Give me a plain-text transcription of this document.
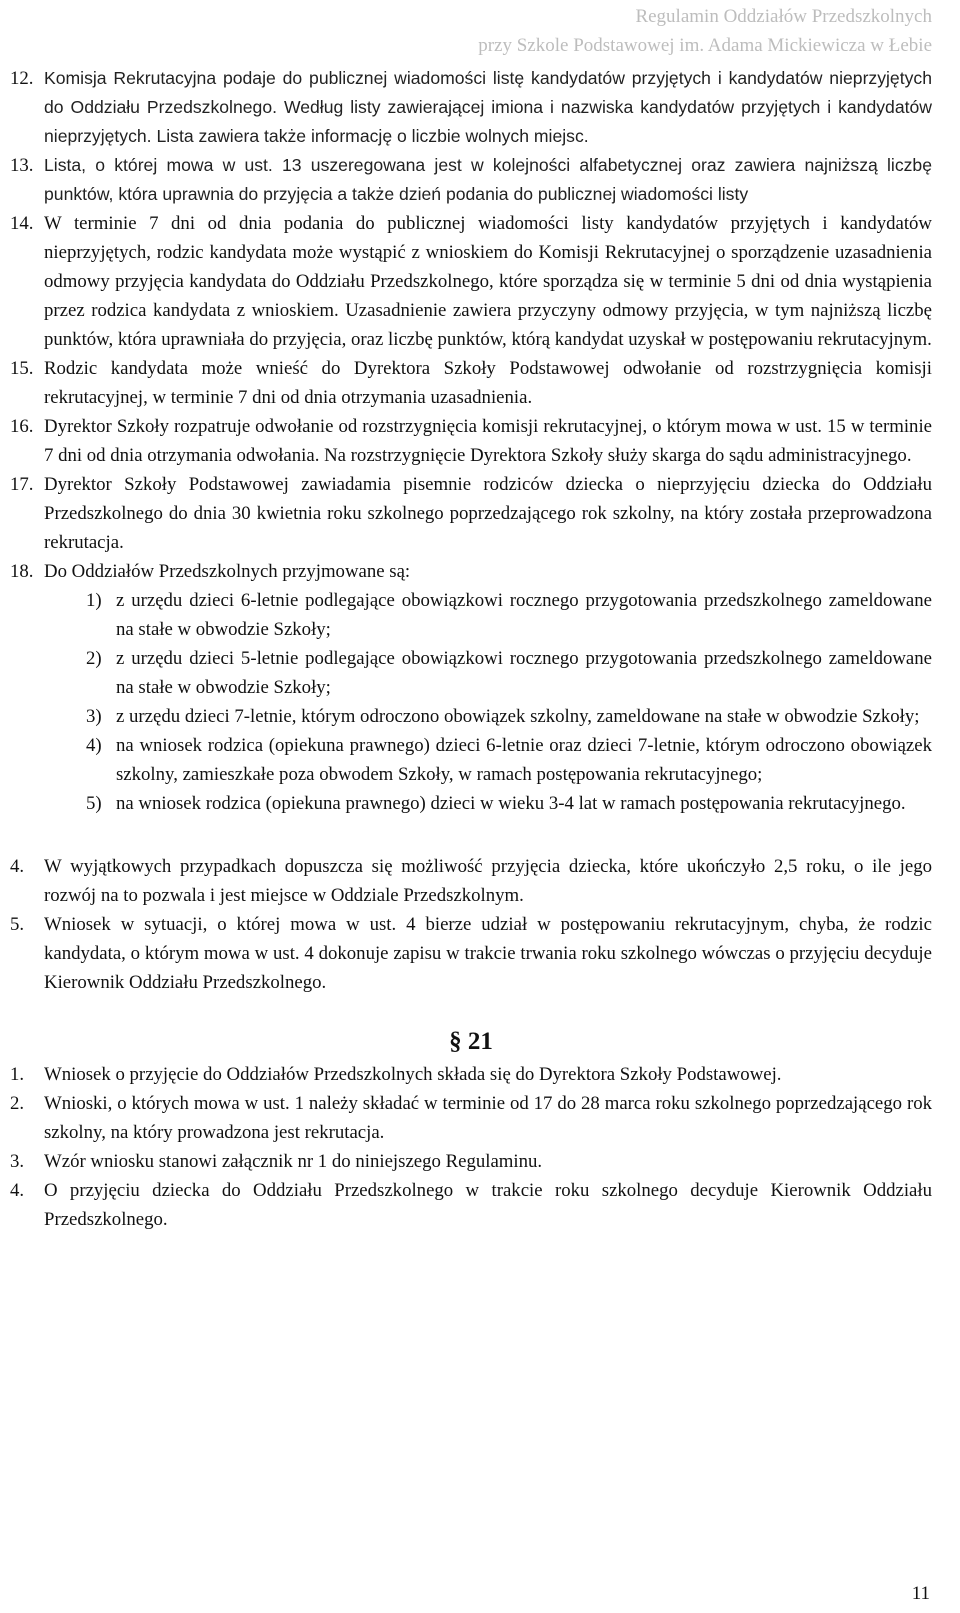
Regulamin Oddziałów Przedszkolnych
przy Szkole Podstawowej im. Adama Mickiewicza w Łebie
12. Komisja Rekrutacyjna podaje do publicznej wiadomości listę kandydatów przyjętych i kandydatów nieprzyjętych do Oddziału Przedszkolnego. Według listy zawierającej imiona i nazwiska kandydatów przyjętych i kandydatów nieprzyjętych. Lista zawiera także informację o liczbie wolnych miejsc.
13. Lista, o której mowa w ust. 13 uszeregowana jest w kolejności alfabetycznej oraz zawiera najniższą liczbę punktów, która uprawnia do przyjęcia a także dzień podania do publicznej wiadomości listy
14. W terminie 7 dni od dnia podania do publicznej wiadomości listy kandydatów przyjętych i kandydatów nieprzyjętych, rodzic kandydata może wystąpić z wnioskiem do Komisji Rekrutacyjnej o sporządzenie uzasadnienia odmowy przyjęcia kandydata do Oddziału Przedszkolnego, które sporządza się w terminie 5 dni od dnia wystąpienia przez rodzica kandydata z wnioskiem. Uzasadnienie zawiera przyczyny odmowy przyjęcia, w tym najniższą liczbę punktów, która uprawniała do przyjęcia, oraz liczbę punktów, którą kandydat uzyskał w postępowaniu rekrutacyjnym.
15. Rodzic kandydata może wnieść do Dyrektora Szkoły Podstawowej odwołanie od rozstrzygnięcia komisji rekrutacyjnej, w terminie 7 dni od dnia otrzymania uzasadnienia.
16. Dyrektor Szkoły rozpatruje odwołanie od rozstrzygnięcia komisji rekrutacyjnej, o którym mowa w ust. 15 w terminie 7 dni od dnia otrzymania odwołania. Na rozstrzygnięcie Dyrektora Szkoły służy skarga do sądu administracyjnego.
17. Dyrektor Szkoły Podstawowej zawiadamia pisemnie rodziców dziecka o nieprzyjęciu dziecka do Oddziału Przedszkolnego do dnia 30 kwietnia roku szkolnego poprzedzającego rok szkolny, na który została przeprowadzona rekrutacja.
18. Do Oddziałów Przedszkolnych przyjmowane są:
1) z urzędu dzieci 6-letnie podlegające obowiązkowi rocznego przygotowania przedszkolnego zameldowane na stałe w obwodzie Szkoły;
2) z urzędu dzieci 5-letnie podlegające obowiązkowi rocznego przygotowania przedszkolnego zameldowane na stałe w obwodzie Szkoły;
3) z urzędu dzieci 7-letnie, którym odroczono obowiązek szkolny, zameldowane na stałe w obwodzie Szkoły;
4) na wniosek rodzica (opiekuna prawnego) dzieci 6-letnie oraz dzieci 7-letnie, którym odroczono obowiązek szkolny, zamieszkałe poza obwodem Szkoły, w ramach postępowania rekrutacyjnego;
5) na wniosek rodzica (opiekuna prawnego) dzieci w wieku 3-4 lat w ramach postępowania rekrutacyjnego.
4.	W wyjątkowych przypadkach dopuszcza się możliwość przyjęcia dziecka, które ukończyło 2,5 roku, o ile jego rozwój na to pozwala i jest miejsce w Oddziale Przedszkolnym.
5.	Wniosek w sytuacji, o której mowa w ust. 4 bierze udział w postępowaniu rekrutacyjnym, chyba, że rodzic kandydata, o którym mowa w ust. 4 dokonuje zapisu w trakcie trwania roku szkolnego wówczas o przyjęciu decyduje Kierownik Oddziału Przedszkolnego.
§ 21
1.	Wniosek o przyjęcie do Oddziałów Przedszkolnych składa się do Dyrektora Szkoły Podstawowej.
2.	Wnioski, o których mowa w ust. 1 należy składać w terminie od 17 do 28 marca roku szkolnego poprzedzającego rok szkolny, na który prowadzona jest rekrutacja.
3.	Wzór wniosku stanowi załącznik nr 1 do niniejszego Regulaminu.
4.	O przyjęciu dziecka do Oddziału Przedszkolnego w trakcie roku szkolnego decyduje Kierownik Oddziału Przedszkolnego.
11
